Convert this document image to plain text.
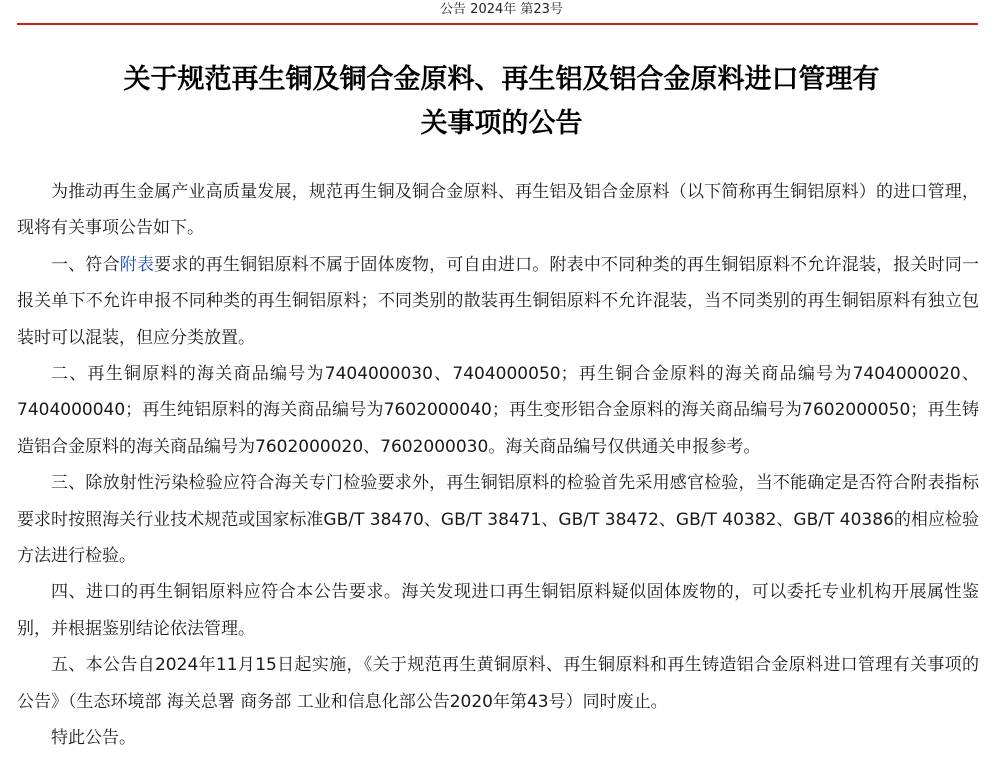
公告 2024年 第23号
关于规范再生铜及铜合金原料、再生铝及铝合金原料进口管理有
关事项的公告

为推动再生金属产业高质量发展，规范再生铜及铜合金原料、再生铝及铝合金原料（以下简称再生铜铝原料）的进口管理，现将有关事项公告如下。

一、符合附表要求的再生铜铝原料不属于固体废物，可自由进口。附表中不同种类的再生铜铝原料不允许混装，报关时同一报关单下不允许申报不同种类的再生铜铝原料；不同类别的散装再生铜铝原料不允许混装，当不同类别的再生铜铝原料有独立包装时可以混装，但应分类放置。

二、再生铜原料的海关商品编号为7404000030、7404000050；再生铜合金原料的海关商品编号为7404000020、7404000040；再生纯铝原料的海关商品编号为7602000040；再生变形铝合金原料的海关商品编号为7602000050；再生铸造铝合金原料的海关商品编号为7602000020、7602000030。海关商品编号仅供通关申报参考。

三、除放射性污染检验应符合海关专门检验要求外，再生铜铝原料的检验首先采用感官检验，当不能确定是否符合附表指标要求时按照海关行业技术规范或国家标准GB/T 38470、GB/T 38471、GB/T 38472、GB/T 40382、GB/T 40386的相应检验方法进行检验。

四、进口的再生铜铝原料应符合本公告要求。海关发现进口再生铜铝原料疑似固体废物的，可以委托专业机构开展属性鉴别，并根据鉴别结论依法管理。

五、本公告自2024年11月15日起实施，《关于规范再生黄铜原料、再生铜原料和再生铸造铝合金原料进口管理有关事项的公告》（生态环境部 海关总署 商务部 工业和信息化部公告2020年第43号）同时废止。

特此公告。
